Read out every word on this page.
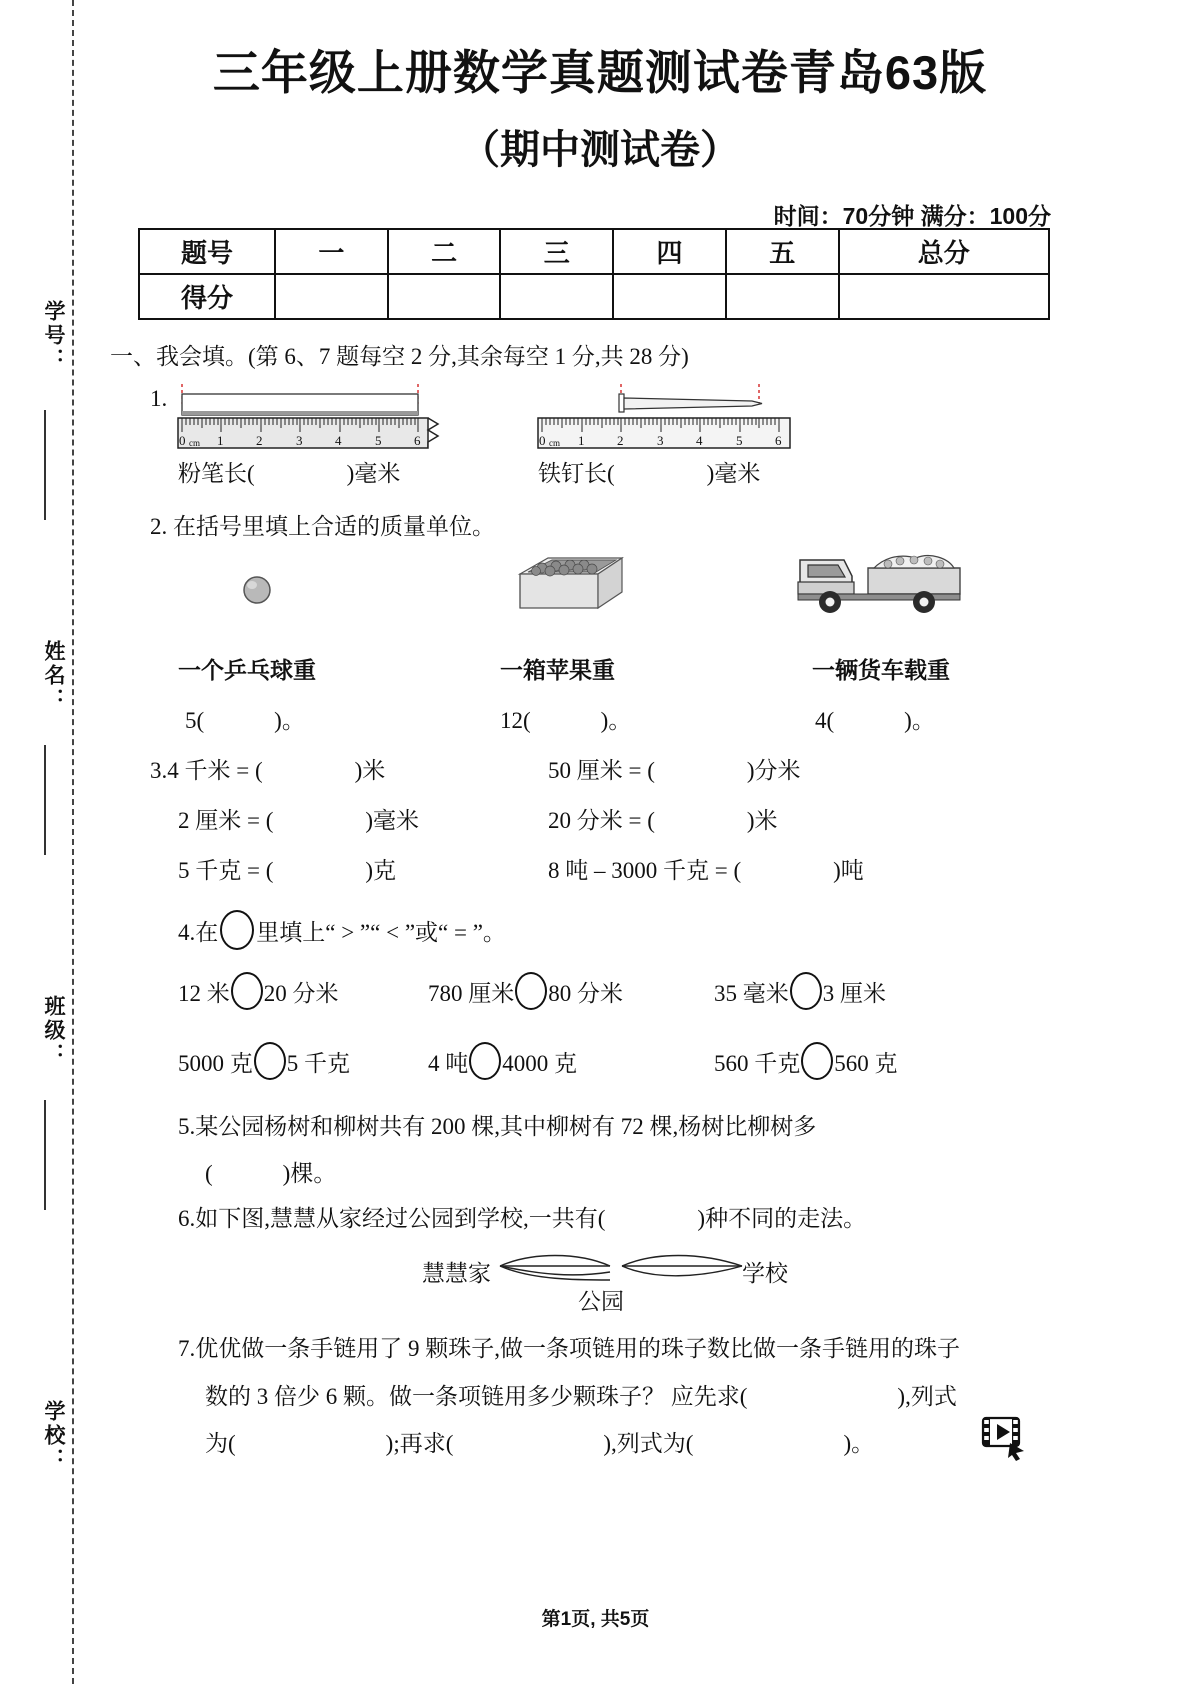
学号：
姓名：
班级：
学校：
三年级上册数学真题测试卷青岛63版
（期中测试卷）
时间：70分钟 满分：100分
题号	一	二	三	四	五	总分
得分						
一、我会填。(第 6、7 题每空 2 分,其余每空 1 分,共 28 分)
1.
0 cm 1	2	3	4	5	6	0 cm 1	2	3	4	5	6
粉笔长(	)毫米	铁钉长(	)毫米
2. 在括号里填上合适的质量单位。
一个乒乓球重	一箱苹果重	一辆货车载重
5(	)。	12(	)。	4(	)。
3.4 千米 = (	)米	50 厘米 = (	)分米
2 厘米 = (	)毫米	20 分米 = (	)米
5 千克 = (	)克	8 吨 – 3000 千克 = (	)吨
4.在 里填上“ > ”“ < ”或“ = ”。
12 米 20 分米	780 厘米 80 分米	35 毫米 3 厘米
5000 克 5 千克	4 吨 4000 克	560 千克 560 克
5.某公园杨树和柳树共有 200 棵,其中柳树有 72 棵,杨树比柳树多
(	)棵。
6.如下图,慧慧从家经过公园到学校,一共有(	)种不同的走法。
慧慧家	学校
公园
7.优优做一条手链用了 9 颗珠子,做一条项链用的珠子数比做一条手链用的珠子
数的 3 倍少 6 颗。做一条项链用多少颗珠子？ 应先求(	),列式
为(	);再求(	),列式为(	)。
第1页, 共5页
